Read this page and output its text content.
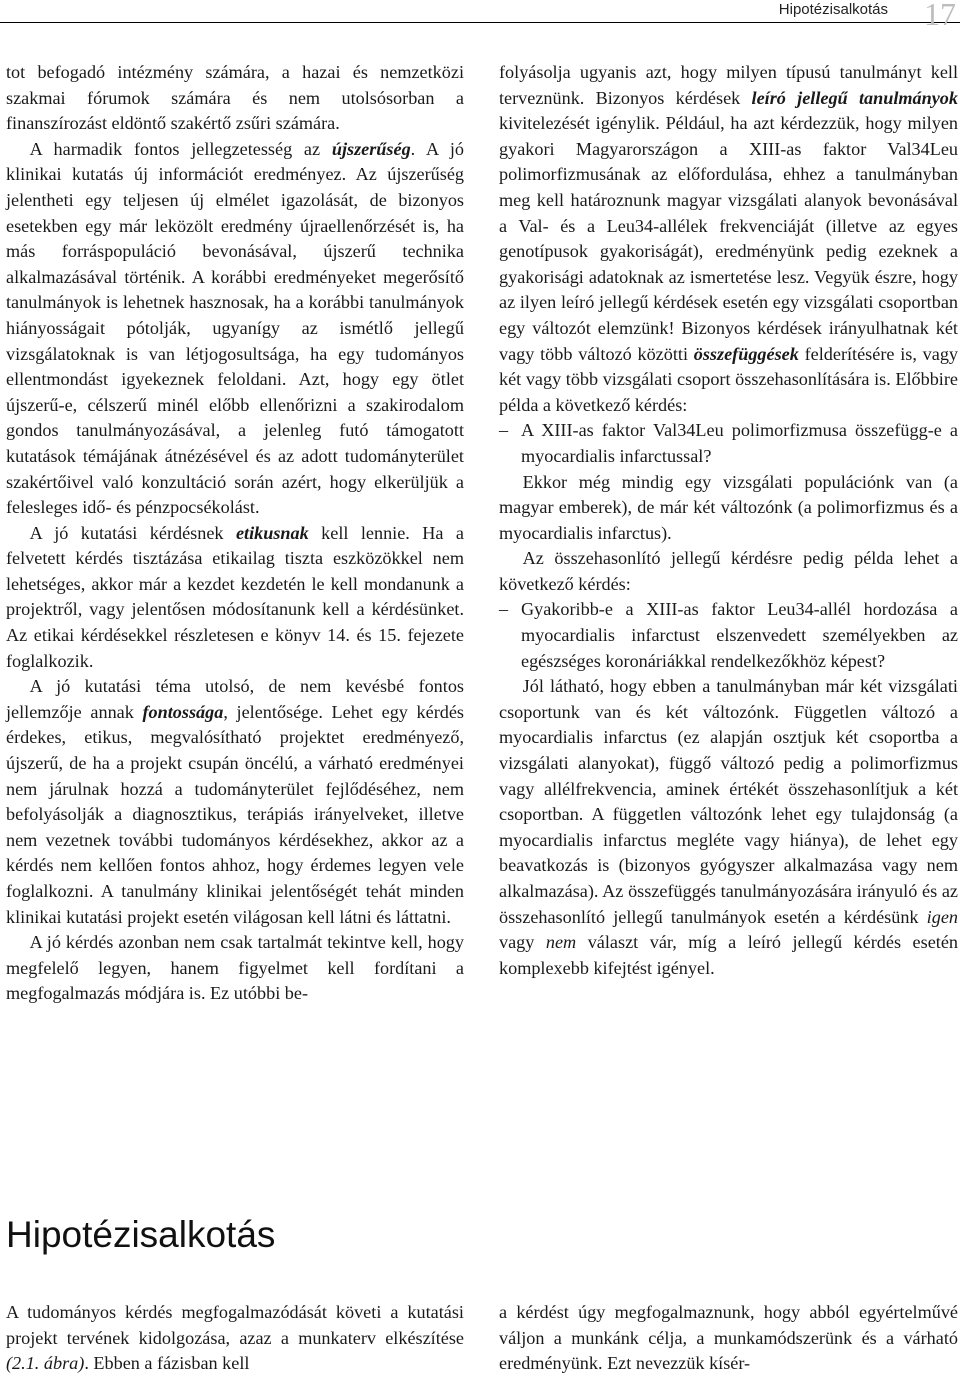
Hipotézisalkotás 17

tot befogadó intézmény számára, a hazai és nemzetközi szakmai fórumok számára és nem utolsósorban a finanszírozást eldöntő szakértő zsűri számára.

A harmadik fontos jellegzetesség az újszerűség. A jó klinikai kutatás új információt eredményez. Az újszerűség jelentheti egy teljesen új elmélet igazolását, de bizonyos esetekben egy már leközölt eredmény újraellenőrzését is, ha más forráspopuláció bevonásával, újszerű technika alkalmazásával történik. A korábbi eredményeket megerősítő tanulmányok is lehetnek hasznosak, ha a korábbi tanulmányok hiányosságait pótolják, ugyanígy az ismétlő jellegű vizsgálatoknak is van létjogosultsága, ha egy tudományos ellentmondást igyekeznek feloldani. Azt, hogy egy ötlet újszerű-e, célszerű minél előbb ellenőrizni a szakirodalom gondos tanulmányozásával, a jelenleg futó támogatott kutatások témájának átnézésével és az adott tudományterület szakértőivel való konzultáció során azért, hogy elkerüljük a felesleges idő- és pénzpocsékolást.

A jó kutatási kérdésnek etikusnak kell lennie. Ha a felvetett kérdés tisztázása etikailag tiszta eszközökkel nem lehetséges, akkor már a kezdet kezdetén le kell mondanunk a projektről, vagy jelentősen módosítanunk kell a kérdésünket. Az etikai kérdésekkel részletesen e könyv 14. és 15. fejezete foglalkozik.

A jó kutatási téma utolsó, de nem kevésbé fontos jellemzője annak fontossága, jelentősége. Lehet egy kérdés érdekes, etikus, megvalósítható projektet eredményező, újszerű, de ha a projekt csupán öncélú, a várható eredményei nem járulnak hozzá a tudományterület fejlődéséhez, nem befolyásolják a diagnosztikus, terápiás irányelveket, illetve nem vezetnek további tudományos kérdésekhez, akkor az a kérdés nem kellően fontos ahhoz, hogy érdemes legyen vele foglalkozni. A tanulmány klinikai jelentőségét tehát minden klinikai kutatási projekt esetén világosan kell látni és láttatni.

A jó kérdés azonban nem csak tartalmát tekintve kell, hogy megfelelő legyen, hanem figyelmet kell fordítani a megfogalmazás módjára is. Ez utóbbi be-

folyásolja ugyanis azt, hogy milyen típusú tanulmányt kell terveznünk. Bizonyos kérdések leíró jellegű tanulmányok kivitelezését igénylik. Például, ha azt kérdezzük, hogy milyen gyakori Magyarországon a XIII-as faktor Val34Leu polimorfizmusának az előfordulása, ehhez a tanulmányban meg kell határoznunk magyar vizsgálati alanyok bevonásával a Val- és a Leu34-allélek frekvenciáját (illetve az egyes genotípusok gyakoriságát), eredményünk pedig ezeknek a gyakorisági adatoknak az ismertetése lesz. Vegyük észre, hogy az ilyen leíró jellegű kérdések esetén egy vizsgálati csoportban egy változót elemzünk! Bizonyos kérdések irányulhatnak két vagy több változó közötti összefüggések felderítésére is, vagy két vagy több vizsgálati csoport összehasonlítására is. Előbbire példa a következő kérdés:

– A XIII-as faktor Val34Leu polimorfizmusa összefügg-e a myocardialis infarctussal?

Ekkor még mindig egy vizsgálati populációnk van (a magyar emberek), de már két változónk (a polimorfizmus és a myocardialis infarctus).

Az összehasonlító jellegű kérdésre pedig példa lehet a következő kérdés:

– Gyakoribb-e a XIII-as faktor Leu34-allél hordozása a myocardialis infarctust elszenvedett személyekben az egészséges koronáriákkal rendelkezőkhöz képest?

Jól látható, hogy ebben a tanulmányban már két vizsgálati csoportunk van és két változónk. Független változó a myocardialis infarctus (ez alapján osztjuk két csoportba a vizsgálati alanyokat), függő változó pedig a polimorfizmus vagy allélfrekvencia, aminek értékét összehasonlítjuk a két csoportban. A független változónk lehet egy tulajdonság (a myocardialis infarctus megléte vagy hiánya), de lehet egy beavatkozás is (bizonyos gyógyszer alkalmazása vagy nem alkalmazása). Az összefüggés tanulmányozására irányuló és az összehasonlító jellegű tanulmányok esetén a kérdésünk igen vagy nem választ vár, míg a leíró jellegű kérdés esetén komplexebb kifejtést igényel.

Hipotézisalkotás

A tudományos kérdés megfogalmazódását követi a kutatási projekt tervének kidolgozása, azaz a munkaterv elkészítése (2.1. ábra). Ebben a fázisban kell

a kérdést úgy megfogalmaznunk, hogy abból egyértelművé váljon a munkánk célja, a munkamódszerünk és a várható eredményünk. Ezt nevezzük kísér-
